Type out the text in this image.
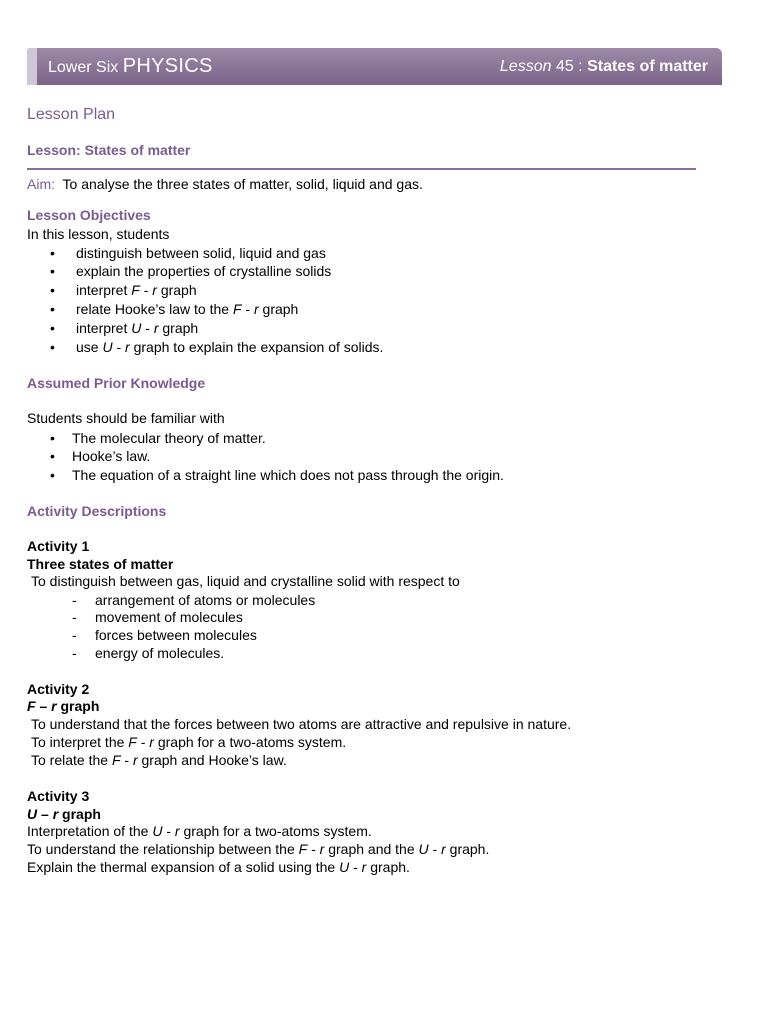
Lower Six PHYSICS	Lesson 45 : States of matter
Lesson Plan
Lesson: States of matter
Aim: To analyse the three states of matter, solid, liquid and gas.
Lesson Objectives
In this lesson, students
• distinguish between solid, liquid and gas
• explain the properties of crystalline solids
• interpret F - r graph
• relate Hooke’s law to the F - r graph
• interpret U - r graph
• use U - r graph to explain the expansion of solids.
Assumed Prior Knowledge
Students should be familiar with
• The molecular theory of matter.
• Hooke’s law.
• The equation of a straight line which does not pass through the origin.
Activity Descriptions
Activity 1
Three states of matter
To distinguish between gas, liquid and crystalline solid with respect to
- arrangement of atoms or molecules
- movement of molecules
- forces between molecules
- energy of molecules.
Activity 2
F – r graph
To understand that the forces between two atoms are attractive and repulsive in nature.
To interpret the F - r graph for a two-atoms system.
To relate the F - r graph and Hooke’s law.
Activity 3
U – r graph
Interpretation of the U - r graph for a two-atoms system.
To understand the relationship between the F - r graph and the U - r graph.
Explain the thermal expansion of a solid using the U - r graph.
